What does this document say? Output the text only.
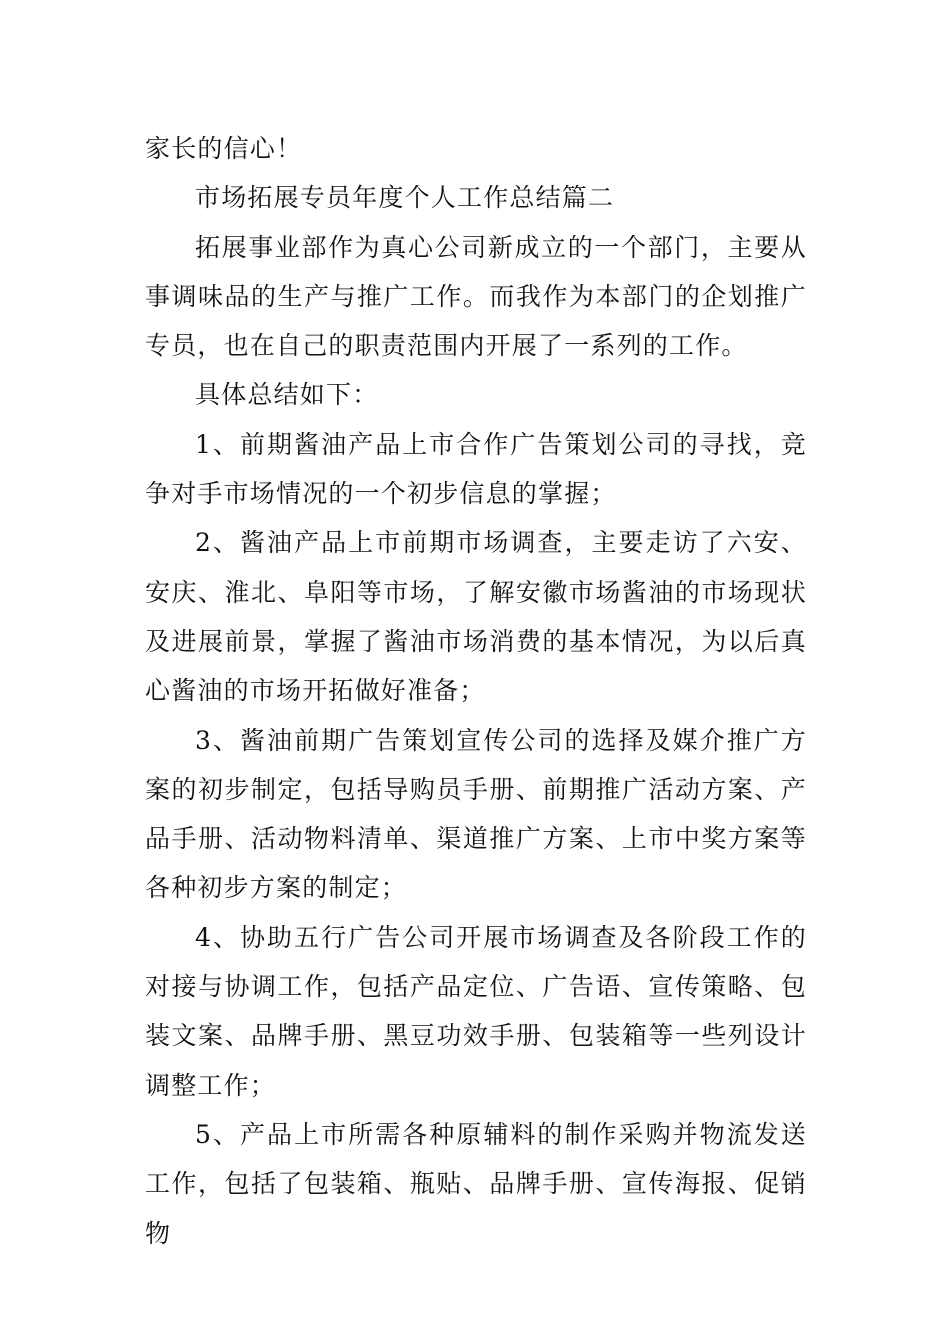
家长的信心！

市场拓展专员年度个人工作总结篇二

拓展事业部作为真心公司新成立的一个部门，主要从事调味品的生产与推广工作。而我作为本部门的企划推广专员，也在自己的职责范围内开展了一系列的工作。

具体总结如下：

1、前期酱油产品上市合作广告策划公司的寻找，竞争对手市场情况的一个初步信息的掌握；

2、酱油产品上市前期市场调查，主要走访了六安、安庆、淮北、阜阳等市场，了解安徽市场酱油的市场现状及进展前景，掌握了酱油市场消费的基本情况，为以后真心酱油的市场开拓做好准备；

3、酱油前期广告策划宣传公司的选择及媒介推广方案的初步制定，包括导购员手册、前期推广活动方案、产品手册、活动物料清单、渠道推广方案、上市中奖方案等各种初步方案的制定；

4、协助五行广告公司开展市场调查及各阶段工作的对接与协调工作，包括产品定位、广告语、宣传策略、包装文案、品牌手册、黑豆功效手册、包装箱等一些列设计调整工作；

5、产品上市所需各种原辅料的制作采购并物流发送工作，包括了包装箱、瓶贴、品牌手册、宣传海报、促销物
